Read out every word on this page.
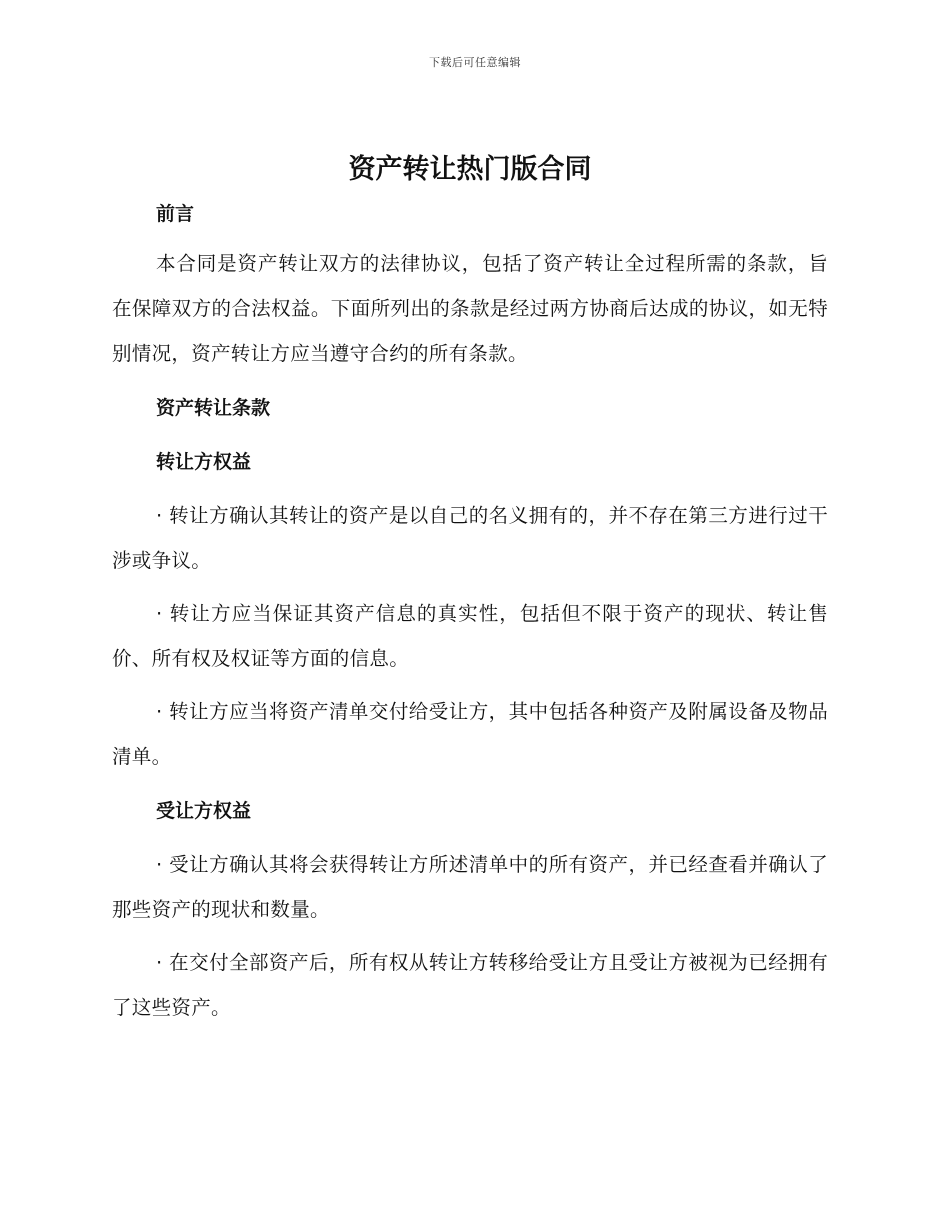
下载后可任意编辑
资产转让热门版合同
前言

本合同是资产转让双方的法律协议，包括了资产转让全过程所需的条款，旨在保障双方的合法权益。下面所列出的条款是经过两方协商后达成的协议，如无特别情况，资产转让方应当遵守合约的所有条款。

资产转让条款
转让方权益

· 转让方确认其转让的资产是以自己的名义拥有的，并不存在第三方进行过干涉或争议。

· 转让方应当保证其资产信息的真实性，包括但不限于资产的现状、转让售价、所有权及权证等方面的信息。

· 转让方应当将资产清单交付给受让方，其中包括各种资产及附属设备及物品清单。

受让方权益

· 受让方确认其将会获得转让方所述清单中的所有资产，并已经查看并确认了那些资产的现状和数量。

· 在交付全部资产后，所有权从转让方转移给受让方且受让方被视为已经拥有了这些资产。
